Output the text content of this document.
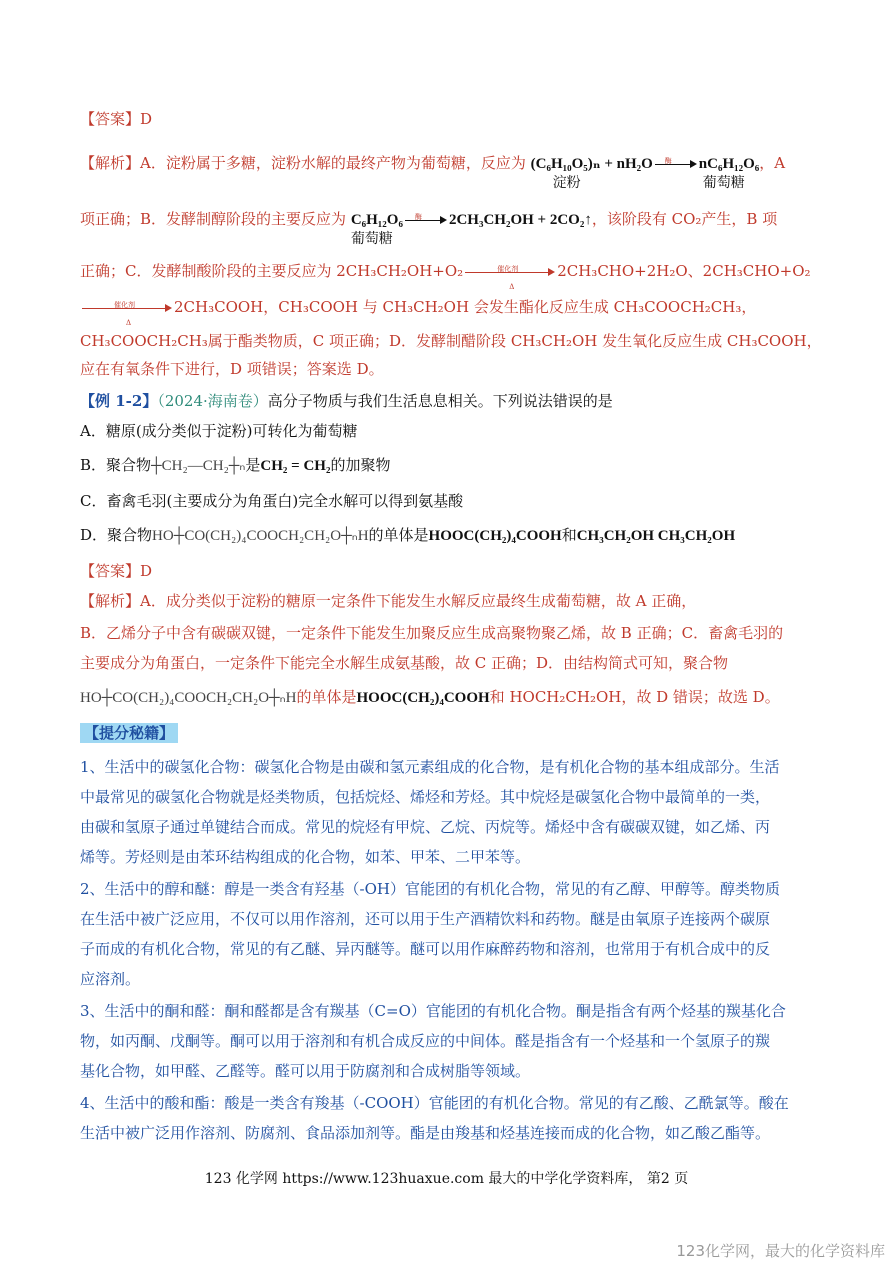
【答案】D
【解析】A．淀粉属于多糖，淀粉水解的最终产物为葡萄糖，反应为 (C₆H₁₀O₅)ₙ + nH₂O
淀粉
酶 nC₆H₁₂O₆
葡萄糖
，A
项正确；B．发酵制醇阶段的主要反应为 C₆H₁₂O₆
葡萄糖
酶 2CH₃CH₂OH + 2CO₂↑，该阶段有 CO₂产生，B 项
正确；C．发酵制酸阶段的主要反应为 2CH₃CH₂OH+O₂	催化剂
Δ
2CH₃CHO+2H₂O、2CH₃CHO+O₂
催化剂
Δ
2CH₃COOH，CH₃COOH 与 CH₃CH₂OH 会发生酯化反应生成 CH₃COOCH₂CH₃，
CH₃COOCH₂CH₃属于酯类物质，C 项正确；D．发酵制醋阶段 CH₃CH₂OH 发生氧化反应生成 CH₃COOH，
应在有氧条件下进行，D 项错误；答案选 D。
【例 1-2】（2024·海南卷）高分子物质与我们生活息息相关。下列说法错误的是
A．糖原(成分类似于淀粉)可转化为葡萄糖
B．聚合物┼CH₂—CH₂┼ₙ是CH₂ = CH₂的加聚物
C．畜禽毛羽(主要成分为角蛋白)完全水解可以得到氨基酸
D．聚合物HO┼CO(CH₂)₄COOCH₂CH₂O┼ₙH的单体是HOOC(CH₂)₄COOH和CH₃CH₂OH CH₃CH₂OH
【答案】D
【解析】A．成分类似于淀粉的糖原一定条件下能发生水解反应最终生成葡萄糖，故 A 正确，
B．乙烯分子中含有碳碳双键，一定条件下能发生加聚反应生成高聚物聚乙烯，故 B 正确；C．畜禽毛羽的
主要成分为角蛋白，一定条件下能完全水解生成氨基酸，故 C 正确；D．由结构简式可知，聚合物
HO┼CO(CH₂)₄COOCH₂CH₂O┼ₙH的单体是HOOC(CH₂)₄COOH和 HOCH₂CH₂OH，故 D 错误；故选 D。
【提分秘籍】
1、生活中的碳氢化合物：碳氢化合物是由碳和氢元素组成的化合物，是有机化合物的基本组成部分。生活
中最常见的碳氢化合物就是烃类物质，包括烷烃、烯烃和芳烃。其中烷烃是碳氢化合物中最简单的一类，
由碳和氢原子通过单键结合而成。常见的烷烃有甲烷、乙烷、丙烷等。烯烃中含有碳碳双键，如乙烯、丙
烯等。芳烃则是由苯环结构组成的化合物，如苯、甲苯、二甲苯等。
2、生活中的醇和醚：醇是一类含有羟基（-OH）官能团的有机化合物，常见的有乙醇、甲醇等。醇类物质
在生活中被广泛应用，不仅可以用作溶剂，还可以用于生产酒精饮料和药物。醚是由氧原子连接两个碳原
子而成的有机化合物，常见的有乙醚、异丙醚等。醚可以用作麻醉药物和溶剂，也常用于有机合成中的反
应溶剂。
3、生活中的酮和醛：酮和醛都是含有羰基（C=O）官能团的有机化合物。酮是指含有两个烃基的羰基化合
物，如丙酮、戊酮等。酮可以用于溶剂和有机合成反应的中间体。醛是指含有一个烃基和一个氢原子的羰
基化合物，如甲醛、乙醛等。醛可以用于防腐剂和合成树脂等领域。
4、生活中的酸和酯：酸是一类含有羧基（-COOH）官能团的有机化合物。常见的有乙酸、乙酰氯等。酸在
生活中被广泛用作溶剂、防腐剂、食品添加剂等。酯是由羧基和烃基连接而成的化合物，如乙酸乙酯等。
123 化学网 https://www.123huaxue.com 最大的中学化学资料库， 第2 页
123化学网，最大的化学资料库
